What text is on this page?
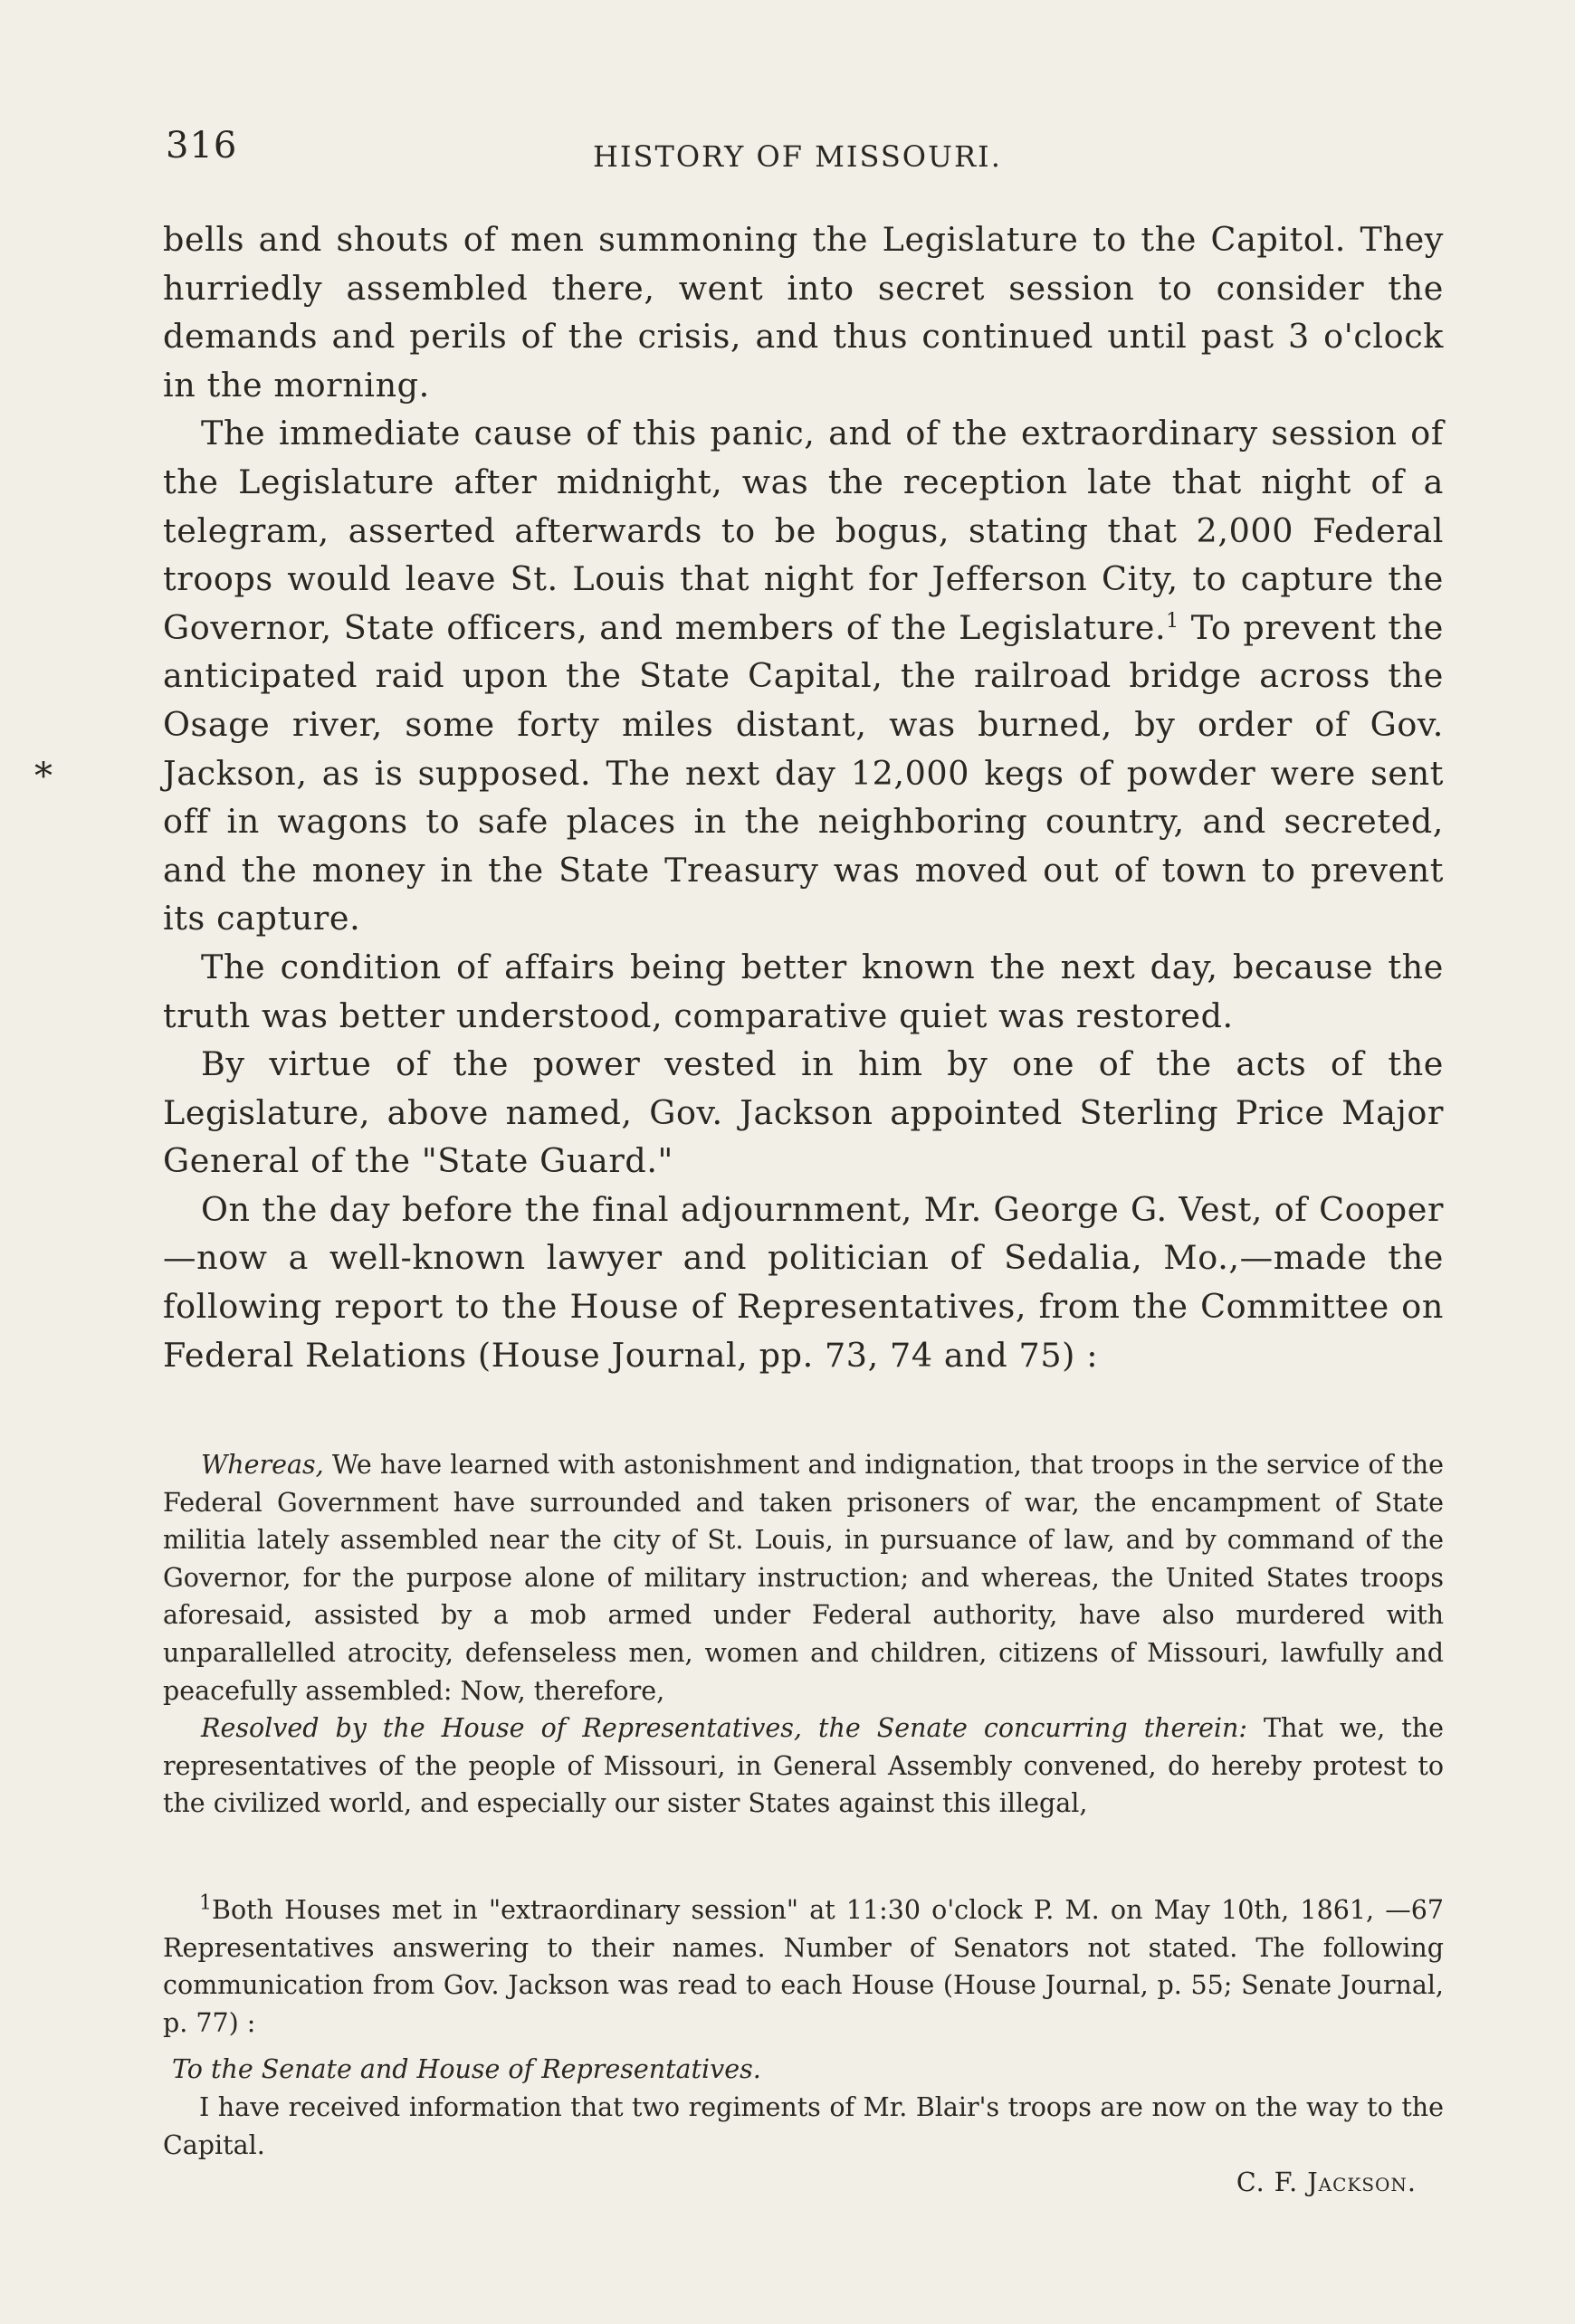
316	HISTORY OF MISSOURI.
*

bells and shouts of men summoning the Legislature to the Capitol. They hurriedly assembled there, went into secret session to consider the demands and perils of the crisis, and thus continued until past 3 o'clock in the morning.

The immediate cause of this panic, and of the extraordinary session of the Legislature after midnight, was the reception late that night of a telegram, asserted afterwards to be bogus, stating that 2,000 Federal troops would leave St. Louis that night for Jefferson City, to capture the Governor, State officers, and members of the Legislature.$^1$ To prevent the anticipated raid upon the State Capital, the railroad bridge across the Osage river, some forty miles distant, was burned, by order of Gov. Jackson, as is supposed. The next day 12,000 kegs of powder were sent off in wagons to safe places in the neighboring country, and secreted, and the money in the State Treasury was moved out of town to prevent its capture.

The condition of affairs being better known the next day, because the truth was better understood, comparative quiet was restored.

By virtue of the power vested in him by one of the acts of the Legislature, above named, Gov. Jackson appointed Sterling Price Major General of the "State Guard."

On the day before the final adjournment, Mr. George G. Vest, of Cooper—now a well-known lawyer and politician of Sedalia, Mo.,—made the following report to the House of Representatives, from the Committee on Federal Relations (House Journal, pp. 73, 74 and 75) :

Whereas, We have learned with astonishment and indignation, that troops in the service of the Federal Government have surrounded and taken prisoners of war, the encampment of State militia lately assembled near the city of St. Louis, in pursuance of law, and by command of the Governor, for the purpose alone of military instruction; and whereas, the United States troops aforesaid, assisted by a mob armed under Federal authority, have also murdered with unparallelled atrocity, defenseless men, women and children, citizens of Missouri, lawfully and peacefully assembled: Now, therefore,

Resolved by the House of Representatives, the Senate concurring therein: That we, the representatives of the people of Missouri, in General Assembly convened, do hereby protest to the civilized world, and especially our sister States against this illegal,

$^1$Both Houses met in "extraordinary session" at 11:30 o'clock P. M. on May 10th, 1861, —67 Representatives answering to their names. Number of Senators not stated. The following communication from Gov. Jackson was read to each House (House Journal, p. 55; Senate Journal, p. 77) :

To the Senate and House of Representatives.

I have received information that two regiments of Mr. Blair's troops are now on the way to the Capital.

C. F. Jackson.
